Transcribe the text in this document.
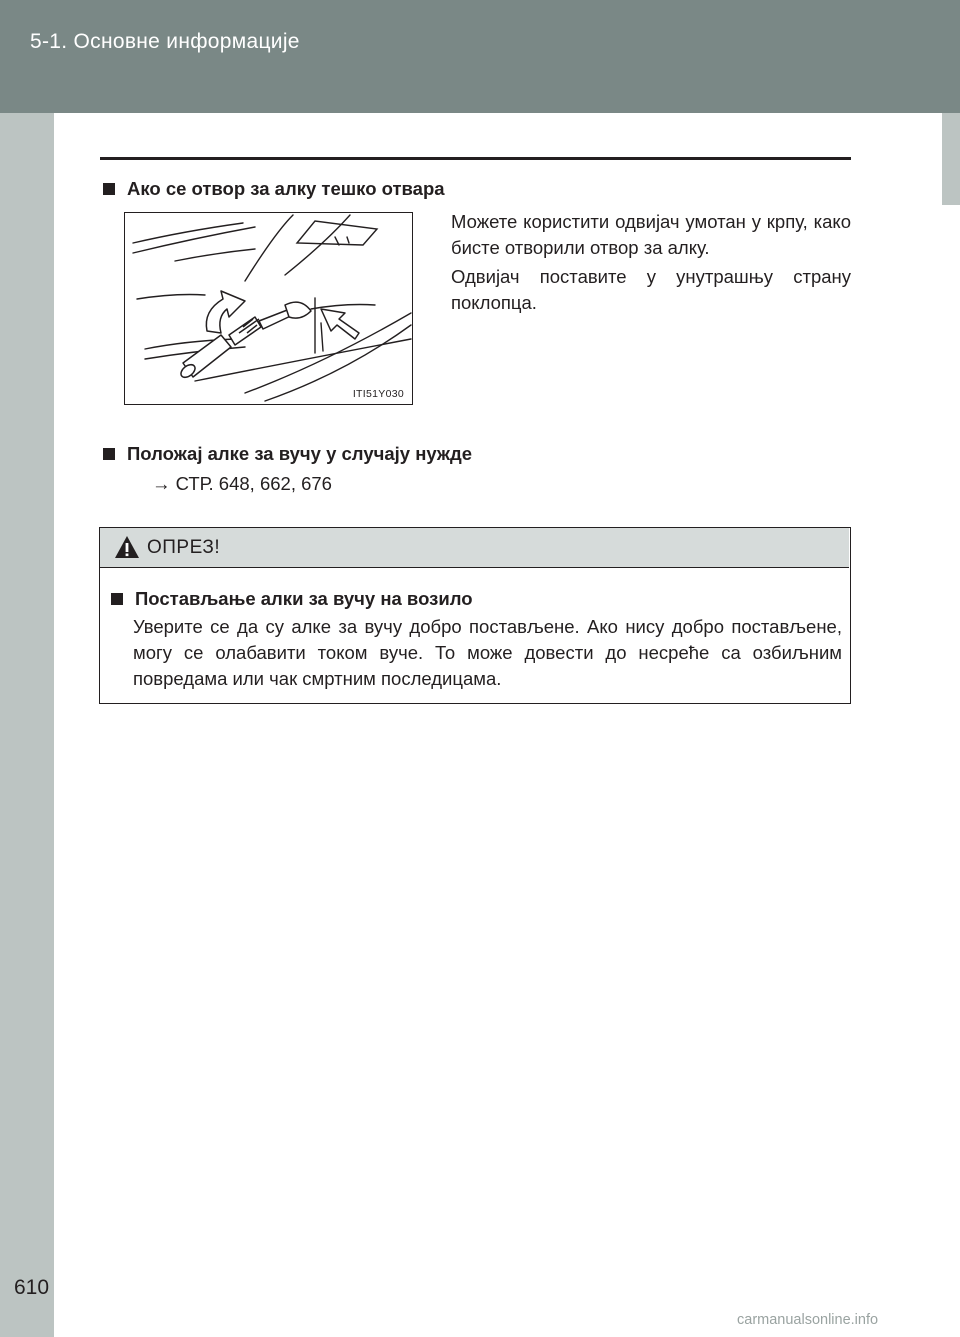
5-1. Основне информације
Ако се отвор за алку тешко отвара
ITI51Y030
Можете користити одвијач умотан у крпу, како бисте отворили отвор за алку.
Одвијач поставите у унутрашњу страну поклопца.
Положај алке за вучу у случају нужде
→ СТР. 648, 662, 676
ОПРЕЗ!
Постављање алки за вучу на возило
Уверите се да су алке за вучу добро постављене. Ако нису добро постављене, могу се олабавити током вуче. То може довести до несреће са озбиљним повредама или чак смртним последицама.
610
carmanualsonline.info
